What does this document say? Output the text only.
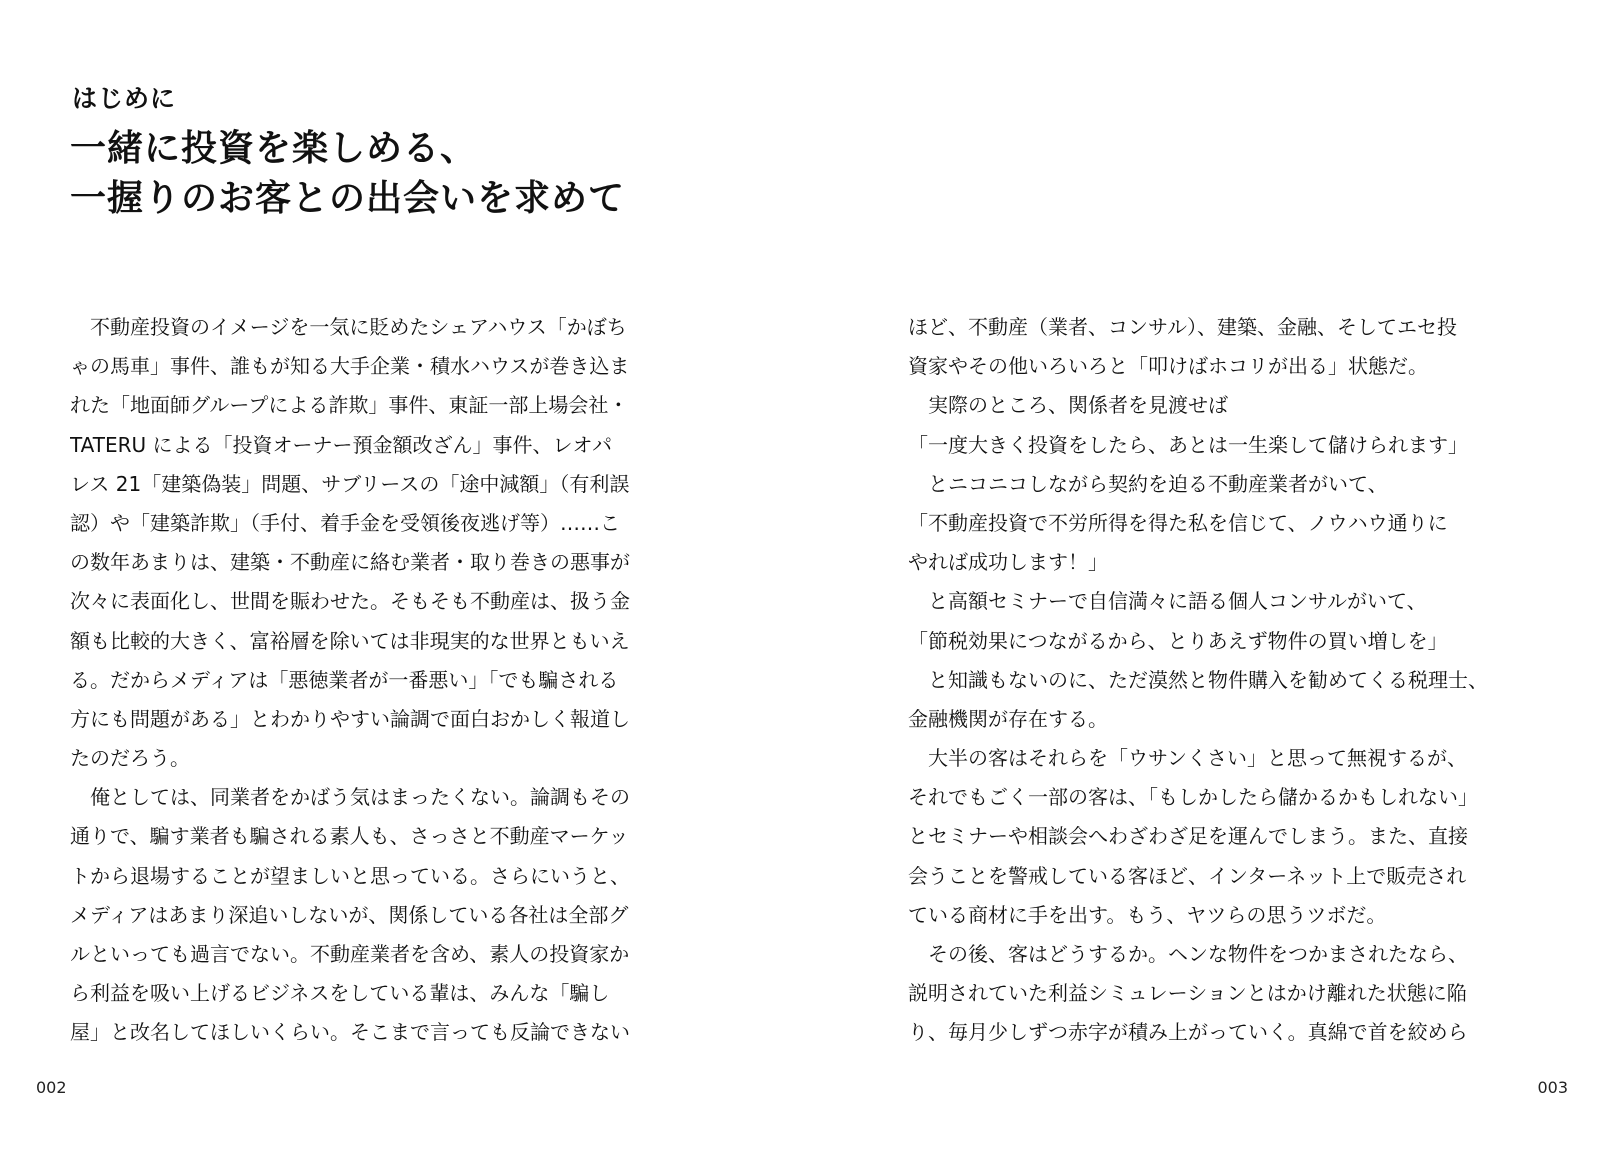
はじめに
一緒に投資を楽しめる、
一握りのお客との出会いを求めて
　不動産投資のイメージを一気に貶めたシェアハウス「かぼち
ゃの馬車」事件、誰もが知る大手企業・積水ハウスが巻き込ま
れた「地面師グループによる詐欺」事件、東証一部上場会社・
TATERU による「投資オーナー預金額改ざん」事件、レオパ
レス 21「建築偽装」問題、サブリースの「途中減額」（有利誤
認）や「建築詐欺」（手付、着手金を受領後夜逃げ等）……こ
の数年あまりは、建築・不動産に絡む業者・取り巻きの悪事が
次々に表面化し、世間を賑わせた。そもそも不動産は、扱う金
額も比較的大きく、富裕層を除いては非現実的な世界ともいえ
る。だからメディアは「悪徳業者が一番悪い」「でも騙される
方にも問題がある」とわかりやすい論調で面白おかしく報道し
たのだろう。
　俺としては、同業者をかばう気はまったくない。論調もその
通りで、騙す業者も騙される素人も、さっさと不動産マーケッ
トから退場することが望ましいと思っている。さらにいうと、
メディアはあまり深追いしないが、関係している各社は全部グ
ルといっても過言でない。不動産業者を含め、素人の投資家か
ら利益を吸い上げるビジネスをしている輩は、みんな「騙し
屋」と改名してほしいくらい。そこまで言っても反論できない
002
ほど、不動産（業者、コンサル）、建築、金融、そしてエセ投
資家やその他いろいろと「叩けばホコリが出る」状態だ。
　実際のところ、関係者を見渡せば
「一度大きく投資をしたら、あとは一生楽して儲けられます」
　とニコニコしながら契約を迫る不動産業者がいて、
「不動産投資で不労所得を得た私を信じて、ノウハウ通りに
やれば成功します！」
　と高額セミナーで自信満々に語る個人コンサルがいて、
「節税効果につながるから、とりあえず物件の買い増しを」
　と知識もないのに、ただ漠然と物件購入を勧めてくる税理士、
金融機関が存在する。
　大半の客はそれらを「ウサンくさい」と思って無視するが、
それでもごく一部の客は、「もしかしたら儲かるかもしれない」
とセミナーや相談会へわざわざ足を運んでしまう。また、直接
会うことを警戒している客ほど、インターネット上で販売され
ている商材に手を出す。もう、ヤツらの思うツボだ。
　その後、客はどうするか。ヘンな物件をつかまされたなら、
説明されていた利益シミュレーションとはかけ離れた状態に陥
り、毎月少しずつ赤字が積み上がっていく。真綿で首を絞めら
003
